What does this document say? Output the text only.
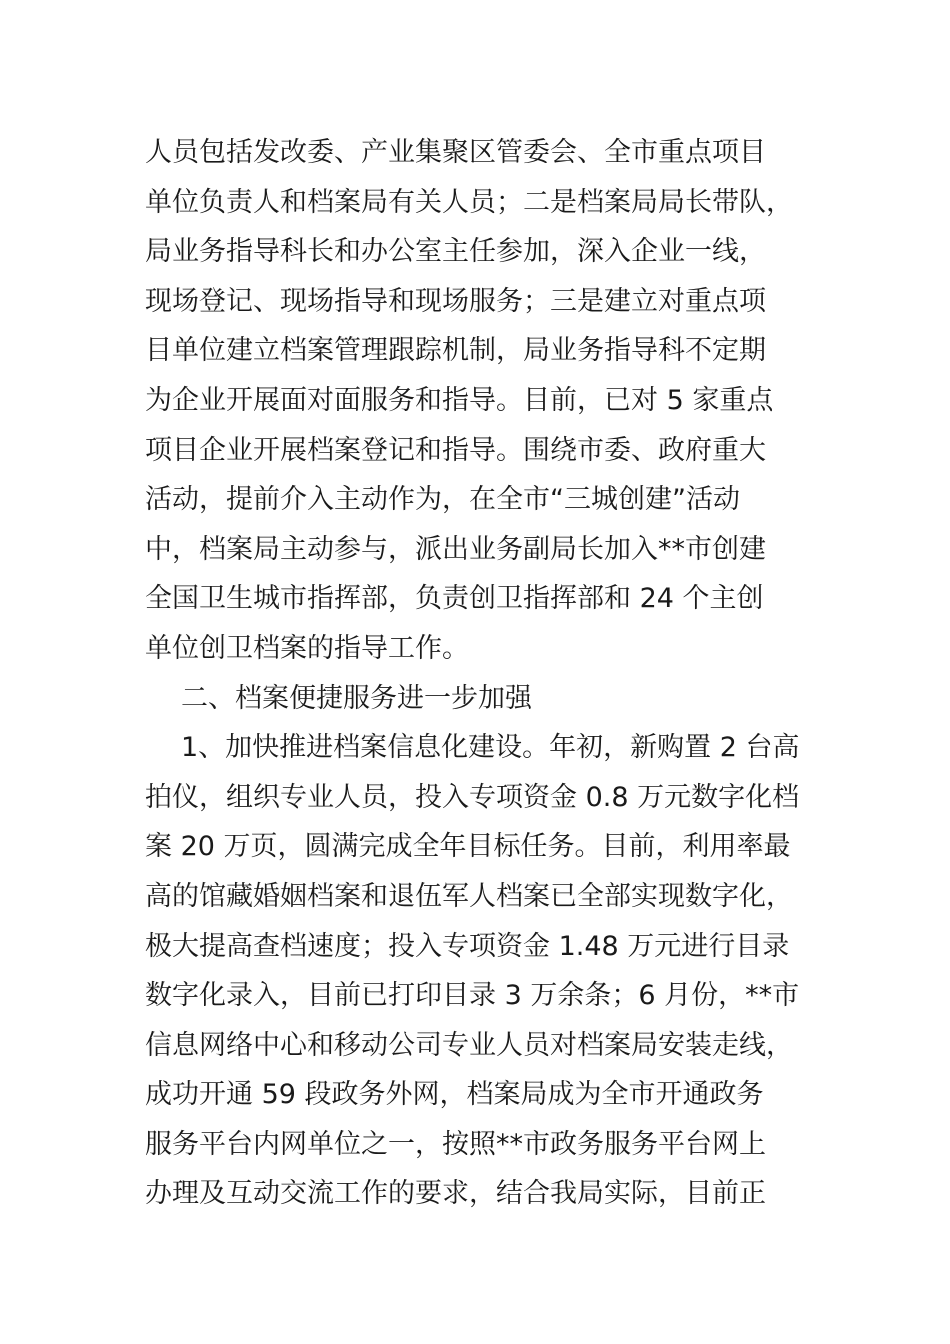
人员包括发改委、产业集聚区管委会、全市重点项目
单位负责人和档案局有关人员；二是档案局局长带队，
局业务指导科长和办公室主任参加，深入企业一线，
现场登记、现场指导和现场服务；三是建立对重点项
目单位建立档案管理跟踪机制，局业务指导科不定期
为企业开展面对面服务和指导。目前，已对 5 家重点
项目企业开展档案登记和指导。围绕市委、政府重大
活动，提前介入主动作为，在全市“三城创建”活动
中，档案局主动参与，派出业务副局长加入**市创建
全国卫生城市指挥部，负责创卫指挥部和 24 个主创
单位创卫档案的指导工作。
二、档案便捷服务进一步加强
1、加快推进档案信息化建设。年初，新购置 2 台高
拍仪，组织专业人员，投入专项资金 0.8 万元数字化档
案 20 万页，圆满完成全年目标任务。目前，利用率最
高的馆藏婚姻档案和退伍军人档案已全部实现数字化，
极大提高查档速度；投入专项资金 1.48 万元进行目录
数字化录入，目前已打印目录 3 万余条；6 月份，**市
信息网络中心和移动公司专业人员对档案局安装走线，
成功开通 59 段政务外网，档案局成为全市开通政务
服务平台内网单位之一，按照**市政务服务平台网上
办理及互动交流工作的要求，结合我局实际，目前正
